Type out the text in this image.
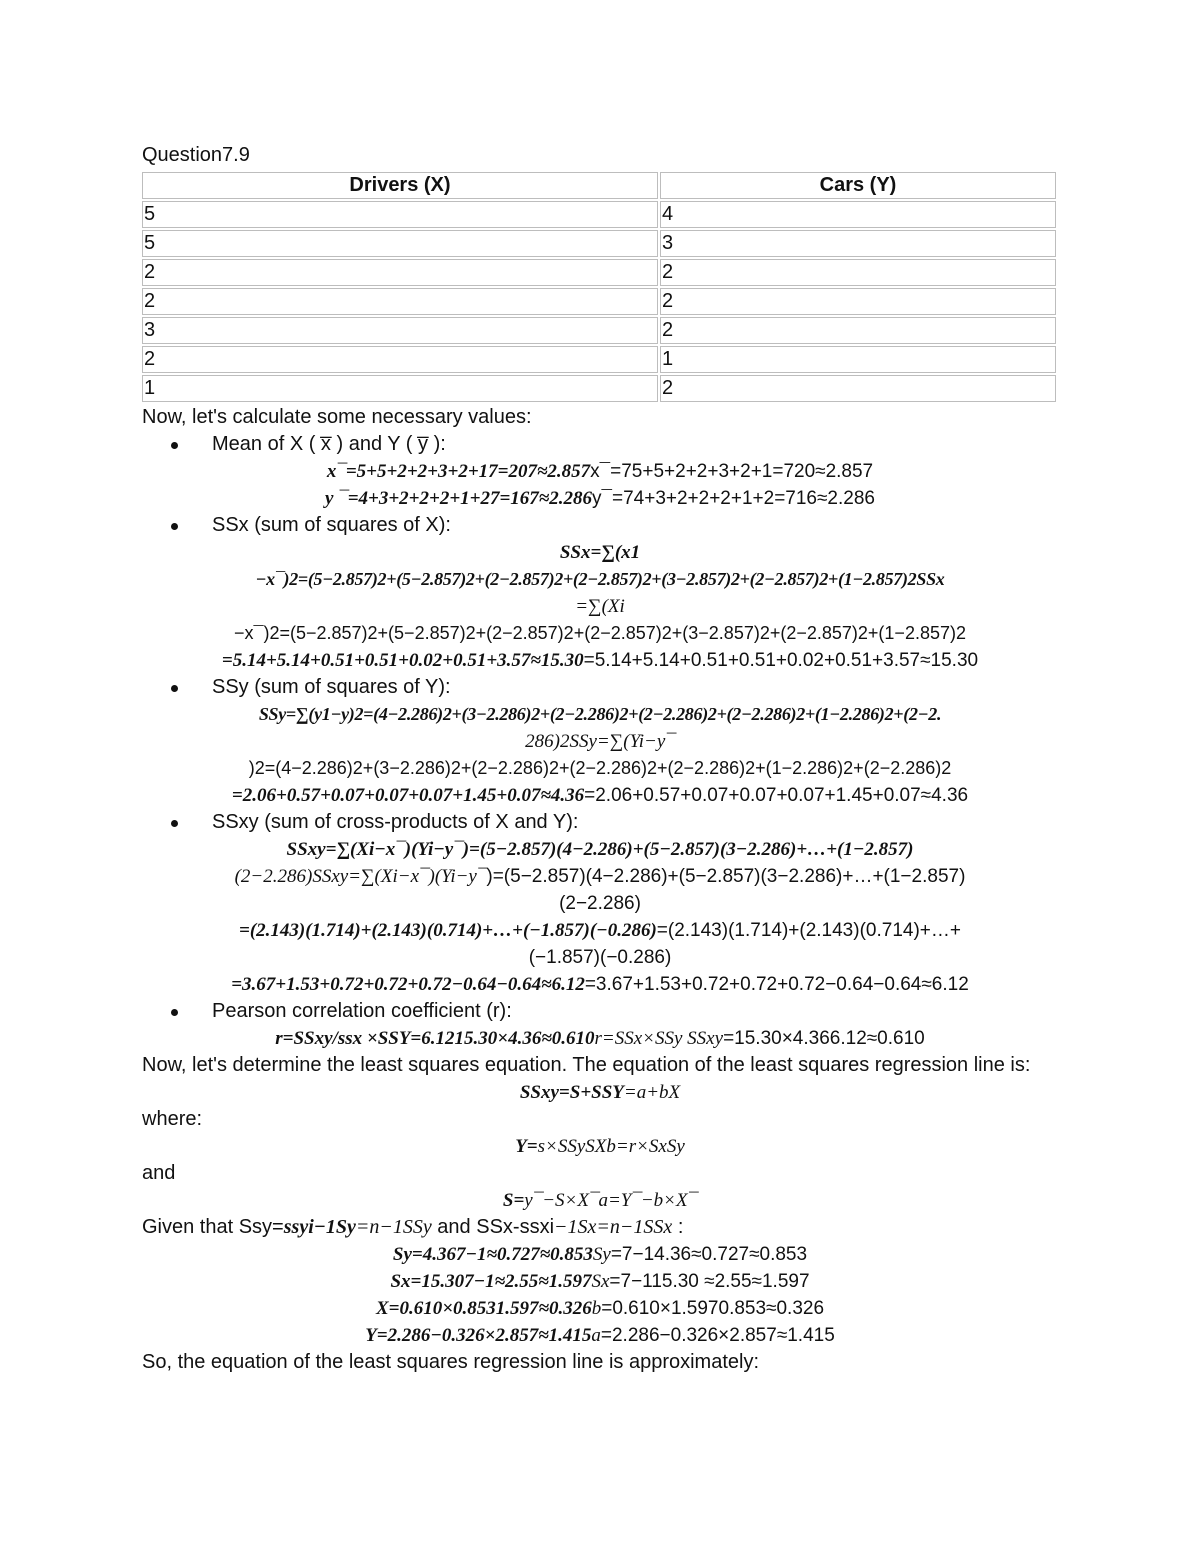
Question7.9
Drivers (X)	Cars (Y)
5	4
5	3
2	2
2	2
3	2
2	1
1	2
Now, let's calculate some necessary values:
Mean of X ( x̅ ) and Y ( y̅ ):
x¯=5+5+2+2+3+2+17=207≈2.857x¯=75+5+2+2+3+2+1=720≈2.857
y ¯=4+3+2+2+2+1+27=167≈2.286y¯=74+3+2+2+2+1+2=716≈2.286
SSx (sum of squares of X):
SSx=∑(x1
−x¯)2=(5−2.857)2+(5−2.857)2+(2−2.857)2+(2−2.857)2+(3−2.857)2+(2−2.857)2+(1−2.857)2SSx
=∑(Xi
−x¯)2=(5−2.857)2+(5−2.857)2+(2−2.857)2+(2−2.857)2+(3−2.857)2+(2−2.857)2+(1−2.857)2
=5.14+5.14+0.51+0.51+0.02+0.51+3.57≈15.30=5.14+5.14+0.51+0.51+0.02+0.51+3.57≈15.30
SSy (sum of squares of Y):
SSy=∑(y1−y)2=(4−2.286)2+(3−2.286)2+(2−2.286)2+(2−2.286)2+(2−2.286)2+(1−2.286)2+(2−2.
286)2SSy=∑(Yi−y¯
)2=(4−2.286)2+(3−2.286)2+(2−2.286)2+(2−2.286)2+(2−2.286)2+(1−2.286)2+(2−2.286)2
=2.06+0.57+0.07+0.07+0.07+1.45+0.07≈4.36=2.06+0.57+0.07+0.07+0.07+1.45+0.07≈4.36
SSxy (sum of cross-products of X and Y):
SSxy=∑(Xi−x¯)(Yi−y¯)=(5−2.857)(4−2.286)+(5−2.857)(3−2.286)+…+(1−2.857)
(2−2.286)SSxy=∑(Xi−x¯)(Yi−y¯)=(5−2.857)(4−2.286)+(5−2.857)(3−2.286)+…+(1−2.857)
(2−2.286)
=(2.143)(1.714)+(2.143)(0.714)+…+(−1.857)(−0.286)=(2.143)(1.714)+(2.143)(0.714)+…+
(−1.857)(−0.286)
=3.67+1.53+0.72+0.72+0.72−0.64−0.64≈6.12=3.67+1.53+0.72+0.72+0.72−0.64−0.64≈6.12
Pearson correlation coefficient (r):
r=SSxy/ssx ×SSY=6.1215.30×4.36≈0.610r=SSx×SSy SSxy=15.30×4.366.12≈0.610
Now, let's determine the least squares equation. The equation of the least squares regression line is:
SSxy=S+SSY=a+bX
where:
Y=s×SSySXb=r×SxSy
and
S=y¯−S×X¯a=Y¯−b×X¯
Given that Ssy=ssyi−1Sy=n−1SSy and SSx-ssxi−1Sx=n−1SSx :
Sy=4.367−1≈0.727≈0.853Sy=7−14.36≈0.727≈0.853
Sx=15.307−1≈2.55≈1.597Sx=7−115.30 ≈2.55≈1.597
X=0.610×0.8531.597≈0.326b=0.610×1.5970.853≈0.326
Y=2.286−0.326×2.857≈1.415a=2.286−0.326×2.857≈1.415
So, the equation of the least squares regression line is approximately:
